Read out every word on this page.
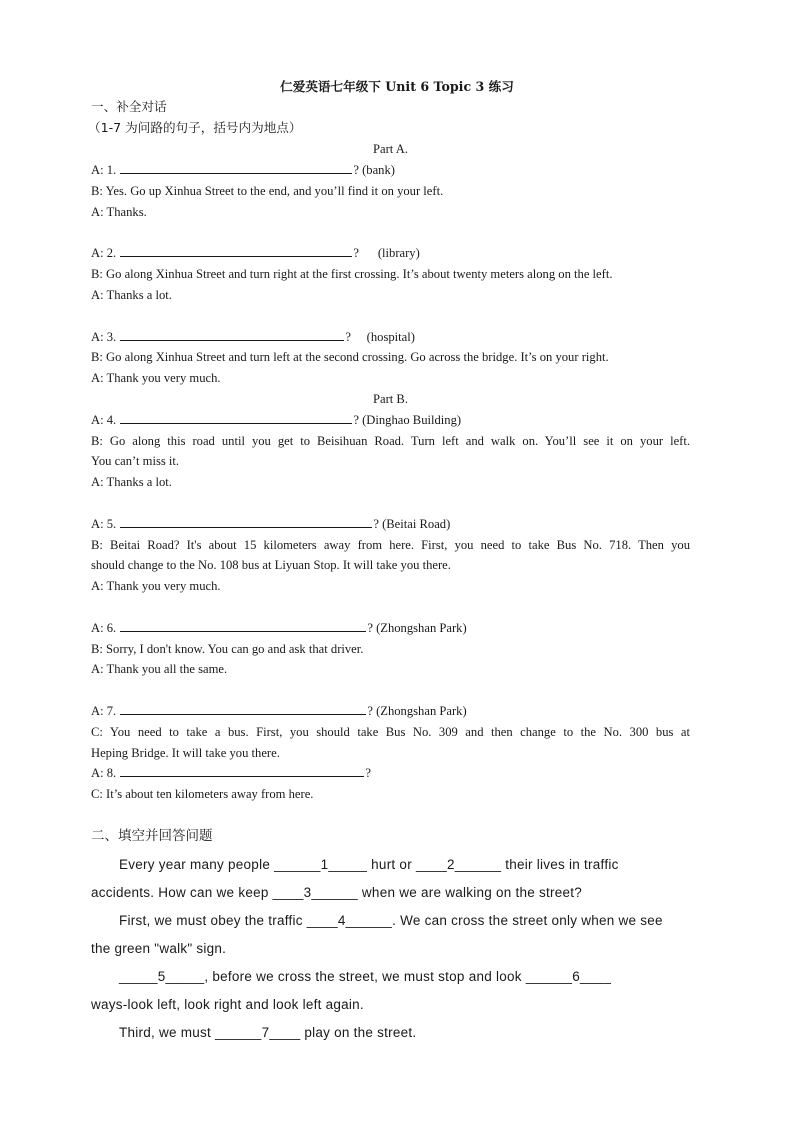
仁爱英语七年级下 Unit 6 Topic 3 练习
一、补全对话
（1-7 为问路的句子，括号内为地点）
Part A.
A: 1.	? (bank)
B: Yes. Go up Xinhua Street to the end, and you’ll find it on your left.
A: Thanks.
A: 2.	?      (library)
B: Go along Xinhua Street and turn right at the first crossing. It’s about twenty meters along on the left.
A: Thanks a lot.
A: 3.	?     (hospital)
B: Go along Xinhua Street and turn left at the second crossing. Go across the bridge. It’s on your right.
A: Thank you very much.
Part B.
A: 4.	? (Dinghao Building)
B: Go along this road until you get to Beisihuan Road. Turn left and walk on. You’ll see it on your left.
You can’t miss it.
A: Thanks a lot.
A: 5.	? (Beitai Road)
B: Beitai Road? It's about 15 kilometers away from here. First, you need to take Bus No. 718. Then you
should change to the No. 108 bus at Liyuan Stop. It will take you there.
A: Thank you very much.
A: 6.	? (Zhongshan Park)
B: Sorry, I don't know. You can go and ask that driver.
A: Thank you all the same.
A: 7.	? (Zhongshan Park)
C: You need to take a bus. First, you should take Bus No. 309 and then change to the No. 300 bus at
Heping Bridge. It will take you there.
A: 8.	?
C: It’s about ten kilometers away from here.
二、填空并回答问题
Every year many people ______1_____ hurt or ____2______ their lives in traffic
accidents. How can we keep ____3______ when we are walking on the street?
First, we must obey the traffic ____4______. We can cross the street only when we see
the green "walk" sign.
_____5_____, before we cross the street, we must stop and look ______6____
ways-look left, look right and look left again.
Third, we must ______7____ play on the street.
